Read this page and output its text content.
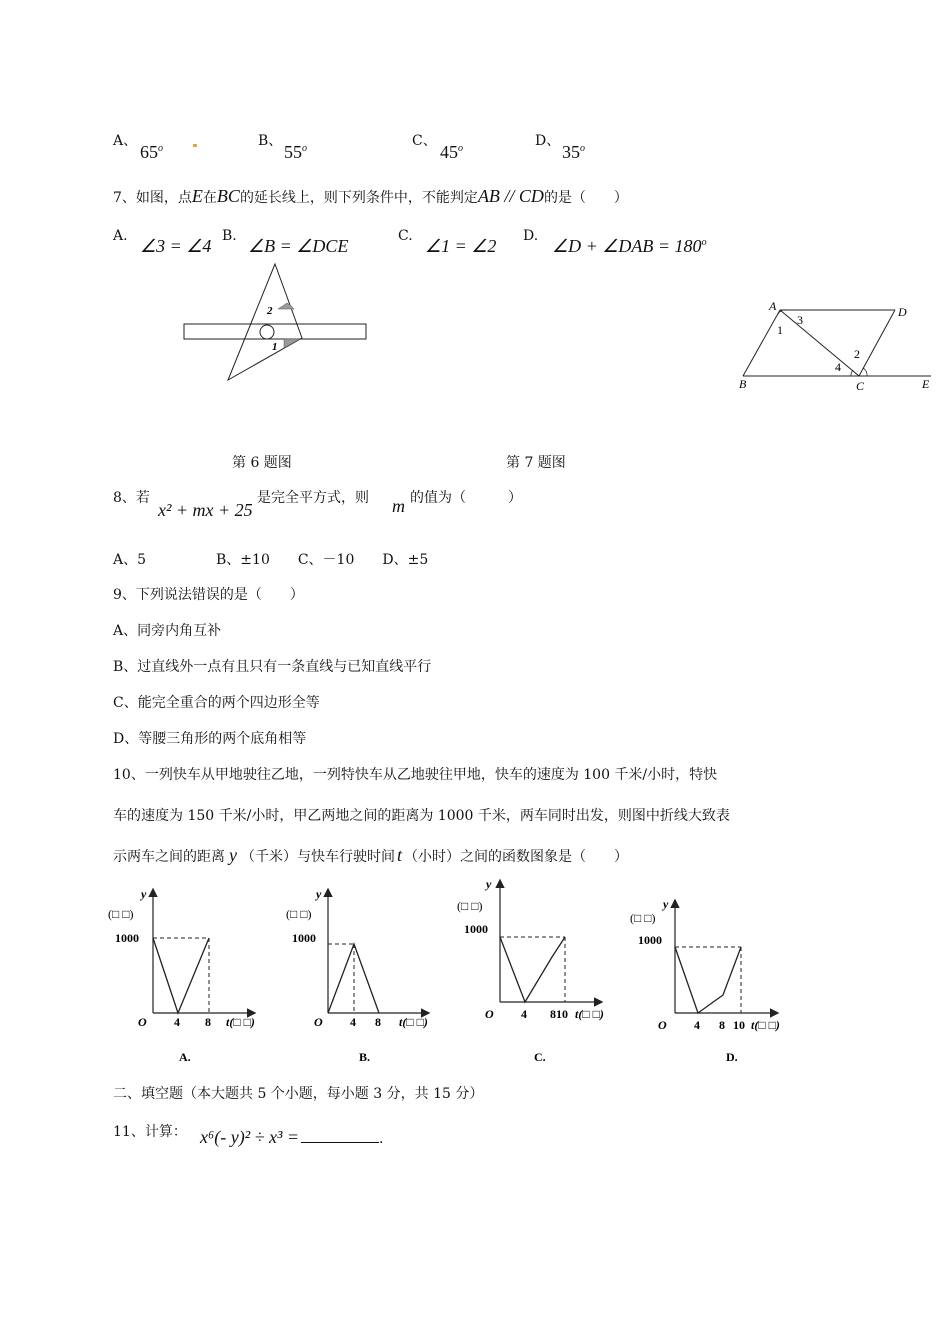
A、
65$^o$	B、
55$^o$	C、
45$^o$	D、
35$^o$
7、如图，点E在BC的延长线上，则下列条件中，不能判定AB // CD的是（　　）
A. ∠3 = ∠4 B. ∠B = ∠DCE	C. ∠1 = ∠2 D. ∠D + ∠DAB = $180^o$
2
1
A	D
B	C	E
1
3
2
4
第 6 题图	第 7 题图
8、若
x² + mx + 25
是完全平方式，则 m 的值为（　　　）
A、5　　　　　B、±10　　C、－10　　D、±5
9、下列说法错误的是（　　）
A、同旁内角互补
B、过直线外一点有且只有一条直线与已知直线平行
C、能完全重合的两个四边形全等
D、等腰三角形的两个底角相等
10、一列快车从甲地驶往乙地，一列特快车从乙地驶往甲地，快车的速度为 100 千米/小时，特快
车的速度为 150 千米/小时，甲乙两地之间的距离为 1000 千米，两车同时出发，则图中折线大致表
示两车之间的距离 y （千米）与快车行驶时间 t （小时）之间的函数图象是（　　）
y
(□ □)
1000
O 4 8 t(□ □)
A.
y
(□ □)
1000
O 4 8 t(□ □)
B.
y
(□ □)
1000
O 4 810 t(□ □)
C.
y
(□ □)
1000
O 4 8 10 t(□ □)
D.
二、填空题（本大题共 5 个小题，每小题 3 分，共 15 分）
11、计算： x⁶(- y)² ÷ x³ =	.
